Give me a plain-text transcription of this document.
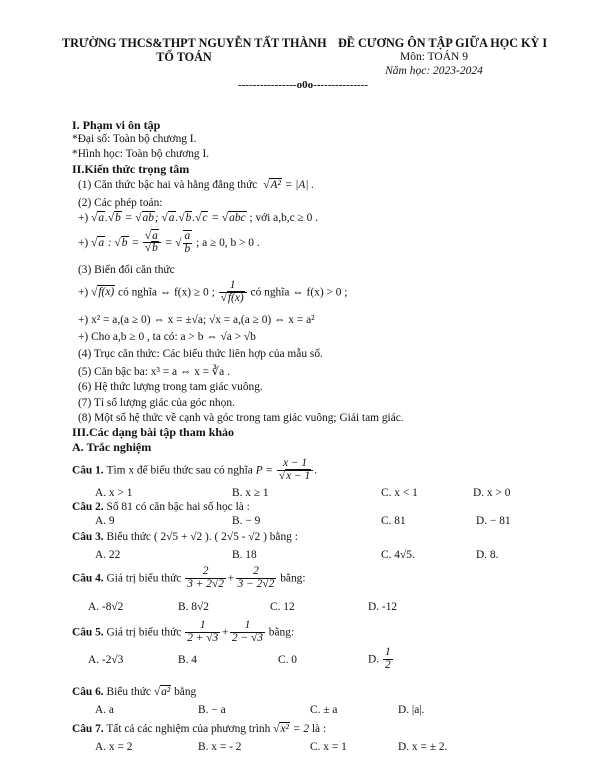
TRƯỜNG THCS&THPT NGUYỄN TẤT THÀNH
TỔ TOÁN
ĐỀ CƯƠNG ÔN TẬP GIỮA HỌC KỲ I
Môn: TOÁN 9
Năm học: 2023-2024
----------------o0o---------------
I. Phạm vi ôn tập
*Đại số: Toàn bộ chương I.
*Hình học: Toàn bộ chương I.
II.Kiến thức trọng tâm
(1) Căn thức bậc hai và hằng đẳng thức √A² = |A| .
(2) Các phép toán:
+) √a.√b = √ab; √a.√b.√c = √abc ; với a,b,c ≥ 0 .
+) √a : $√b = \frac{√a}{√b}$ = √ $\frac{a}{b}$ ; a ≥ 0, b > 0 .
(3) Biến đổi căn thức
+) √f(x) có nghĩa ⇔ f(x) ≥ 0 ; $\frac{1}{√f(x)}$ có nghĩa ⇔ f(x) > 0 ;
+) x² = a,(a ≥ 0) ⇔ x = ±√a; √x = a,(a ≥ 0) ⇔ x = a²
+) Cho a,b ≥ 0 , ta có: a > b ⇔ √a > √b
(4) Trục căn thức: Các biểu thức liên hợp của mẫu số.
(5) Căn bậc ba: x³ = a ⇔ x = ∛a .
(6) Hệ thức lượng trong tam giác vuông.
(7) Tỉ số lượng giác của góc nhọn.
(8) Một số hệ thức về cạnh và góc trong tam giác vuông; Giải tam giác.
III.Các dạng bài tập tham khảo
A. Trắc nghiệm
Câu 1. Tìm x để biểu thức sau có nghĩa $P = \frac{x - 1}{√x - 1}$ .
A. x > 1	B. x ≥ 1	C. x < 1	D. x > 0
Câu 2. Số 81 có căn bậc hai số học là :
A. 9	B. − 9	C. 81	D. − 81
Câu 3. Biểu thức ( 2√5 + √2 ). ( 2√5 - √2 ) bằng :
A. 22	B. 18	C. 4√5.	D. 8.
Câu 4. Giá trị biểu thức $\frac{2}{3 + 2√2} + \frac{2}{3 - 2√2}$ bằng:
A. -8√2	B. 8√2	C. 12	D. -12
Câu 5. Giá trị biểu thức $\frac{1}{2 + √3} + \frac{1}{2 - √3}$ bằng:
A. -2√3	B. 4	C. 0	D. $\frac{1}{2}$
Câu 6. Biểu thức √a² bằng
A. a	B. − a	C. ± a	D. |a|.
Câu 7. Tất cả các nghiệm của phương trình √x² = 2 là :
A. x = 2	B. x = - 2	C. x = 1	D. x = ± 2.
